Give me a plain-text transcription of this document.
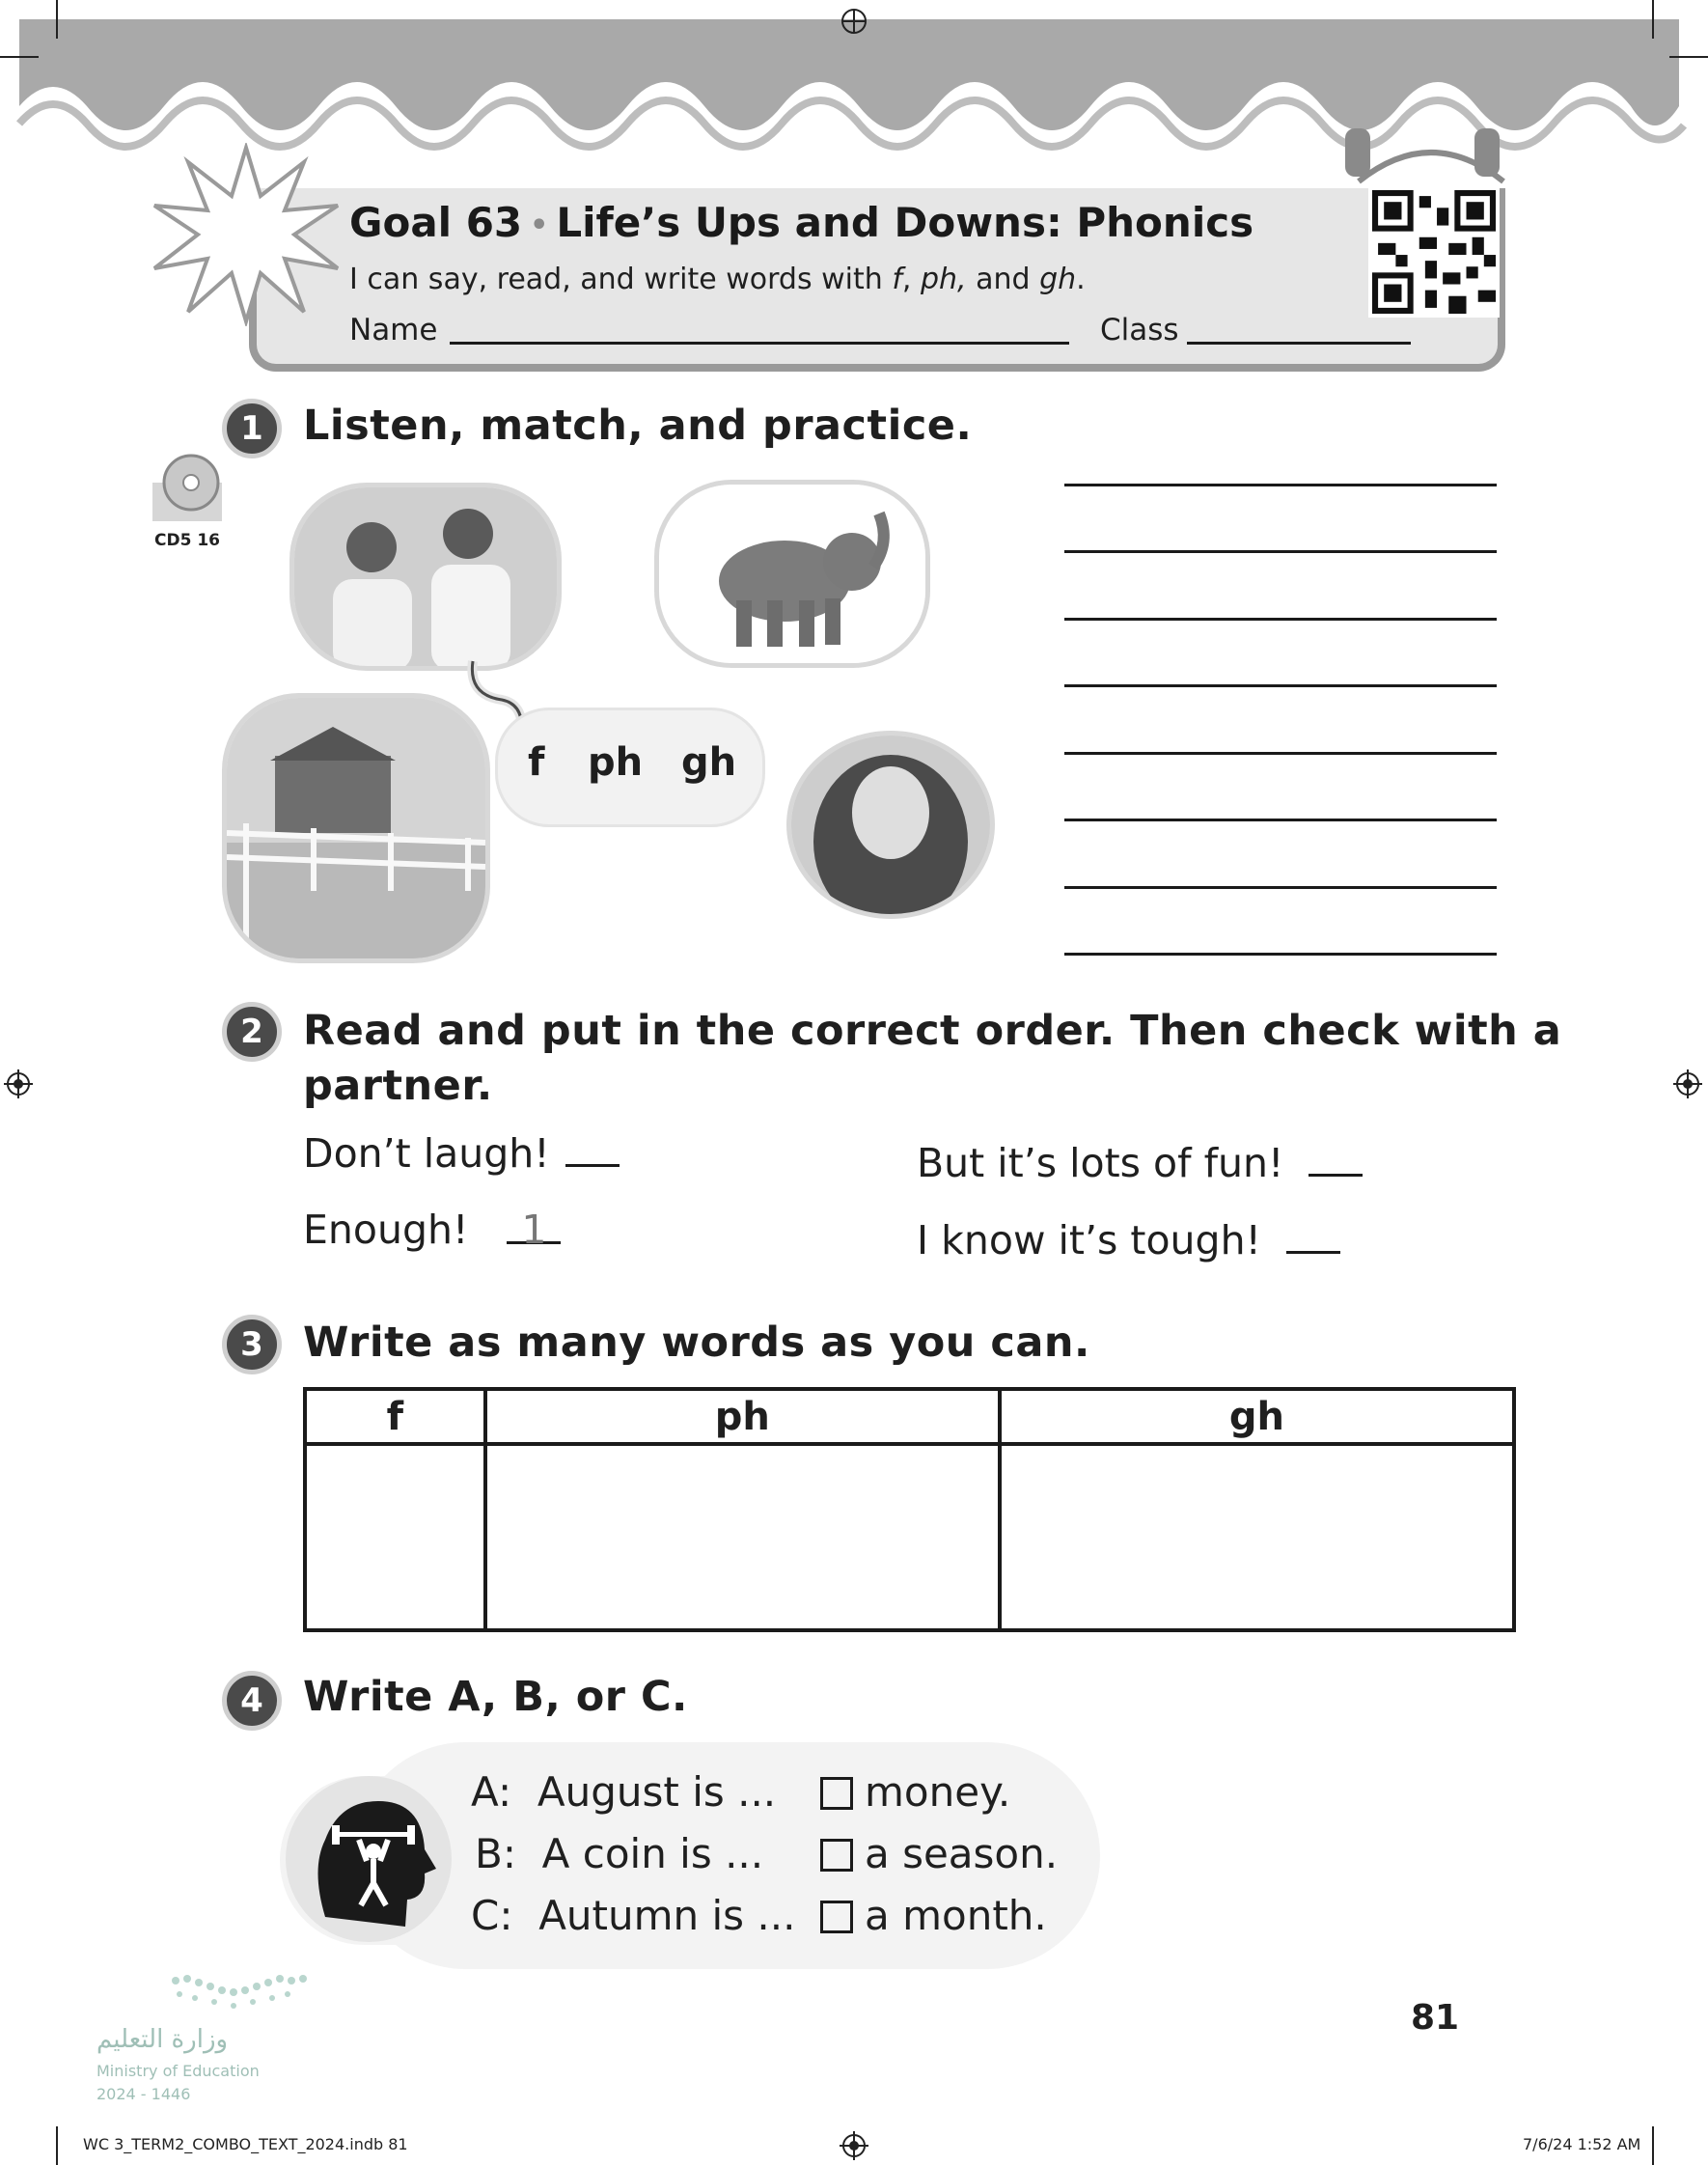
Goal 63 • Life’s Ups and Downs: Phonics
I can say, read, and write words with f, ph, and gh.
Name	Class
1 Listen, match, and practice.
CD5 16
f ph gh
2 Read and put in the correct order. Then check with a
partner.
Don’t laugh!
Enough! 1
But it’s lots of fun!
I know it’s tough!
3 Write as many words as you can.
f	ph	gh

4 Write A, B, or C.
A: August is ...
B: A coin is ...
C: Autumn is ...
money.
a season.
a month.
وزارة التعليم
Ministry of Education
2024 - 1446
81
WC 3_TERM2_COMBO_TEXT_2024.indb 81	7/6/24 1:52 AM
